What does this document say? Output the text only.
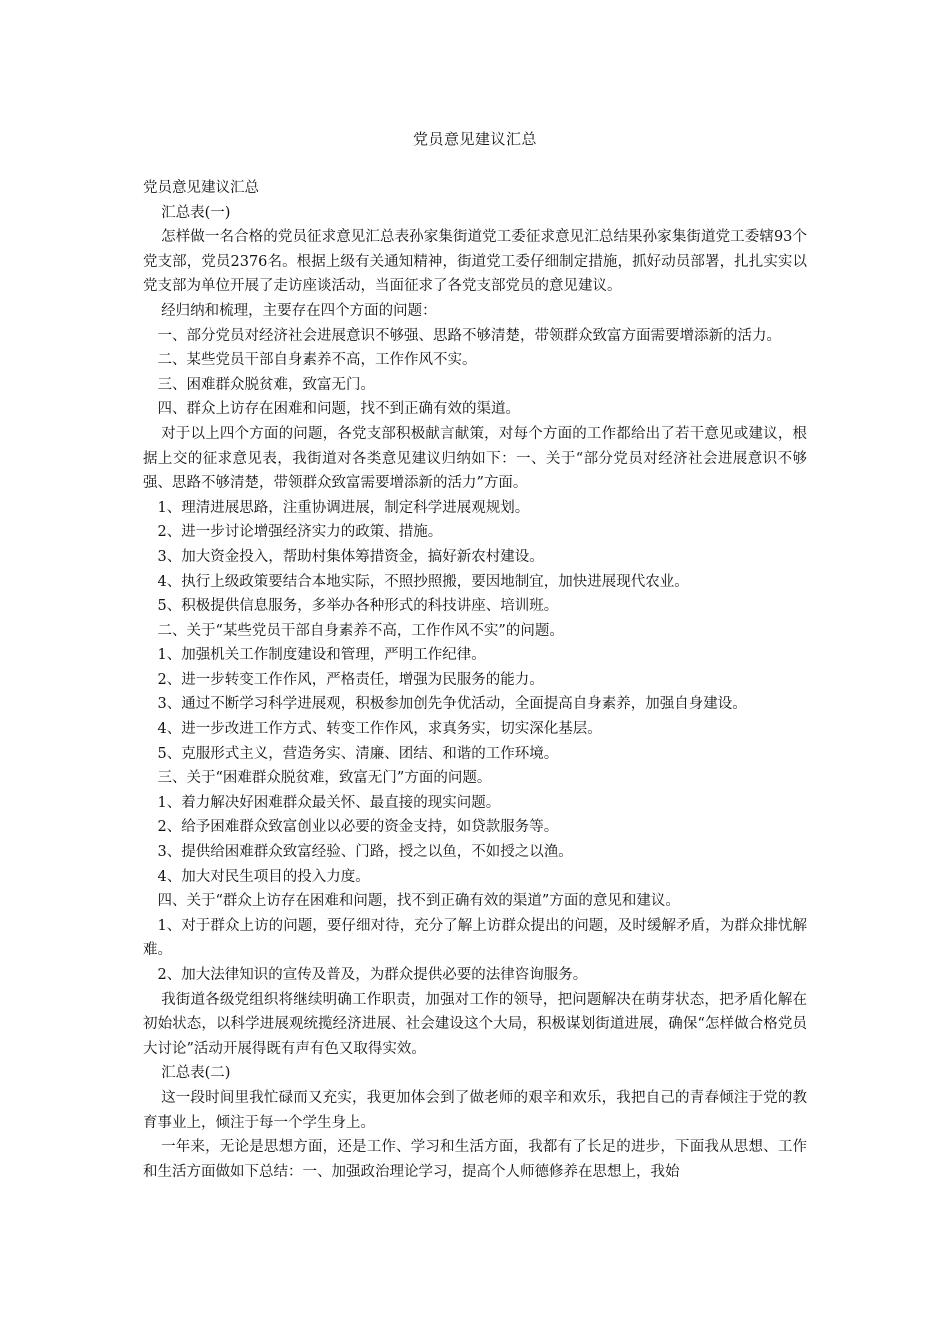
党员意见建议汇总

党员意见建议汇总

汇总表(一)

怎样做一名合格的党员征求意见汇总表孙家集街道党工委征求意见汇总结果孙家集街道党工委辖93个党支部，党员2376名。根据上级有关通知精神，街道党工委仔细制定措施，抓好动员部署，扎扎实实以党支部为单位开展了走访座谈活动，当面征求了各党支部党员的意见建议。

经归纳和梳理，主要存在四个方面的问题：

一、部分党员对经济社会进展意识不够强、思路不够清楚，带领群众致富方面需要增添新的活力。

二、某些党员干部自身素养不高，工作作风不实。

三、困难群众脱贫难，致富无门。

四、群众上访存在困难和问题，找不到正确有效的渠道。

对于以上四个方面的问题，各党支部积极献言献策，对每个方面的工作都给出了若干意见或建议，根据上交的征求意见表，我街道对各类意见建议归纳如下：一、关于“部分党员对经济社会进展意识不够强、思路不够清楚，带领群众致富需要增添新的活力”方面。

1、理清进展思路，注重协调进展，制定科学进展观规划。

2、进一步讨论增强经济实力的政策、措施。

3、加大资金投入，帮助村集体筹措资金，搞好新农村建设。

4、执行上级政策要结合本地实际，不照抄照搬，要因地制宜，加快进展现代农业。

5、积极提供信息服务，多举办各种形式的科技讲座、培训班。

二、关于“某些党员干部自身素养不高，工作作风不实”的问题。

1、加强机关工作制度建设和管理，严明工作纪律。

2、进一步转变工作作风，严格责任，增强为民服务的能力。

3、通过不断学习科学进展观，积极参加创先争优活动，全面提高自身素养，加强自身建设。

4、进一步改进工作方式、转变工作作风，求真务实，切实深化基层。

5、克服形式主义，营造务实、清廉、团结、和谐的工作环境。

三、关于“困难群众脱贫难，致富无门”方面的问题。

1、着力解决好困难群众最关怀、最直接的现实问题。

2、给予困难群众致富创业以必要的资金支持，如贷款服务等。

3、提供给困难群众致富经验、门路，授之以鱼，不如授之以渔。

4、加大对民生项目的投入力度。

四、关于“群众上访存在困难和问题，找不到正确有效的渠道”方面的意见和建议。

1、对于群众上访的问题，要仔细对待，充分了解上访群众提出的问题，及时缓解矛盾，为群众排忧解难。

2、加大法律知识的宣传及普及，为群众提供必要的法律咨询服务。

我街道各级党组织将继续明确工作职责，加强对工作的领导，把问题解决在萌芽状态，把矛盾化解在初始状态，以科学进展观统揽经济进展、社会建设这个大局，积极谋划街道进展，确保“怎样做合格党员大讨论”活动开展得既有声有色又取得实效。

汇总表(二)

这一段时间里我忙碌而又充实，我更加体会到了做老师的艰辛和欢乐，我把自己的青春倾注于党的教育事业上，倾注于每一个学生身上。

一年来，无论是思想方面，还是工作、学习和生活方面，我都有了长足的进步，下面我从思想、工作和生活方面做如下总结：一、加强政治理论学习，提高个人师德修养在思想上，我始
